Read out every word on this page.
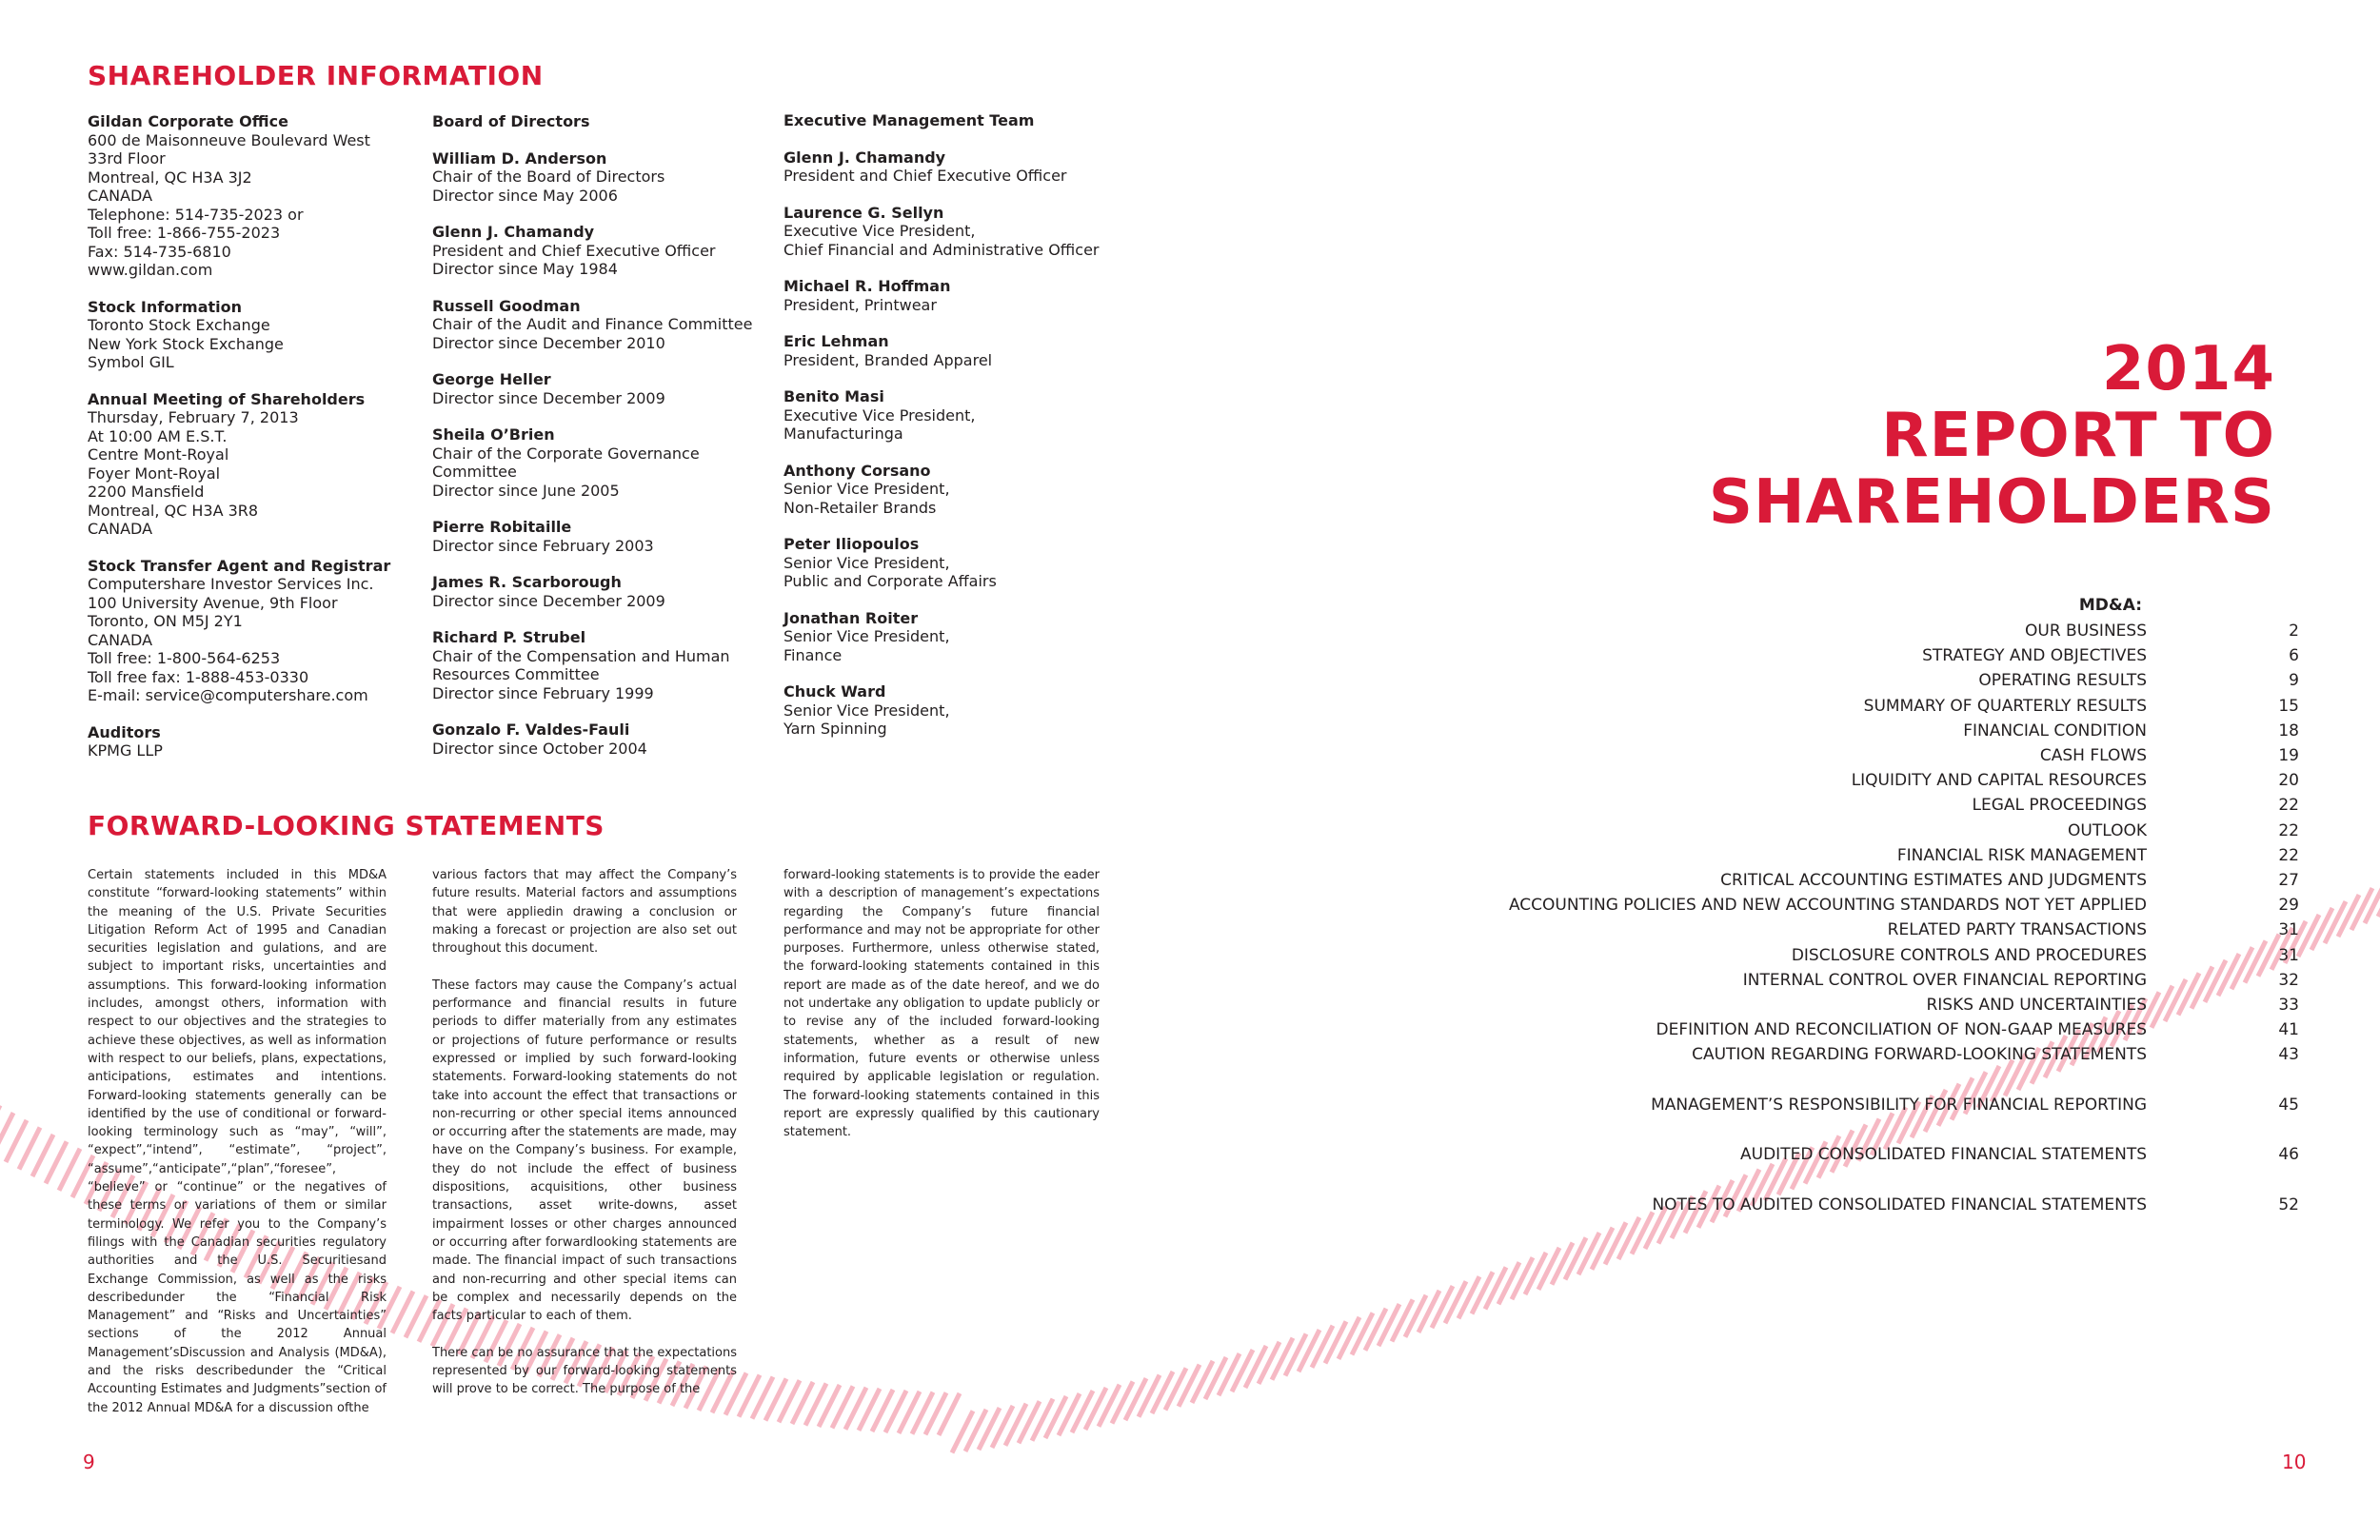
SHAREHOLDER INFORMATION
Gildan Corporate Office
600 de Maisonneuve Boulevard West
33rd Floor
Montreal, QC H3A 3J2
CANADA
Telephone: 514-735-2023 or
Toll free: 1-866-755-2023
Fax: 514-735-6810
www.gildan.com
Stock Information
Toronto Stock Exchange
New York Stock Exchange
Symbol GIL
Annual Meeting of Shareholders
Thursday, February 7, 2013
At 10:00 AM E.S.T.
Centre Mont-Royal
Foyer Mont-Royal
2200 Mansfield
Montreal, QC H3A 3R8
CANADA
Stock Transfer Agent and Registrar
Computershare Investor Services Inc.
100 University Avenue, 9th Floor
Toronto, ON M5J 2Y1
CANADA
Toll free: 1-800-564-6253
Toll free fax: 1-888-453-0330
E-mail: service@computershare.com
Auditors
KPMG LLP
Board of Directors
William D. Anderson
Chair of the Board of Directors
Director since May 2006
Glenn J. Chamandy
President and Chief Executive Officer
Director since May 1984
Russell Goodman
Chair of the Audit and Finance Committee
Director since December 2010
George Heller
Director since December 2009
Sheila O’Brien
Chair of the Corporate Governance
Committee
Director since June 2005
Pierre Robitaille
Director since February 2003
James R. Scarborough
Director since December 2009
Richard P. Strubel
Chair of the Compensation and Human
Resources Committee
Director since February 1999
Gonzalo F. Valdes-Fauli
Director since October 2004
Executive Management Team
Glenn J. Chamandy
President and Chief Executive Officer
Laurence G. Sellyn
Executive Vice President,
Chief Financial and Administrative Officer
Michael R. Hoffman
President, Printwear
Eric Lehman
President, Branded Apparel
Benito Masi
Executive Vice President,
Manufacturinga
Anthony Corsano
Senior Vice President,
Non-Retailer Brands
Peter Iliopoulos
Senior Vice President,
Public and Corporate Affairs
Jonathan Roiter
Senior Vice President,
Finance
Chuck Ward
Senior Vice President,
Yarn Spinning
FORWARD-LOOKING STATEMENTS

Certain statements included in this MD&A constitute “forward-looking statements” within the meaning of the U.S. Private Securities Litigation Reform Act of 1995 and Canadian securities legislation and gulations, and are subject to important risks, uncertainties and assumptions. This forward-looking information includes, amongst others, information with respect to our objectives and the strategies to achieve these objectives, as well as information with respect to our beliefs, plans, expectations, anticipations, estimates and intentions. Forward-looking statements generally can be identified by the use of conditional or forward-looking terminology such as “may”, “will”, “expect”,“intend”, “estimate”, “project”, “assume”,“anticipate”,“plan”,“foresee”, “believe” or “continue” or the negatives of these terms or variations of them or similar terminology. We refer you to the Company’s filings with the Canadian securities regulatory authorities and the U.S. Securitiesand Exchange Commission, as well as the risks describedunder the “Financial Risk Management” and “Risks and Uncertainties” sections of the 2012 Annual Management’sDiscussion and Analysis (MD&A), and the risks describedunder the “Critical Accounting Estimates and Judgments”section of the 2012 Annual MD&A for a discussion ofthe

various factors that may affect the Company’s future results. Material factors and assumptions that were appliedin drawing a conclusion or making a forecast or projection are also set out throughout this document.

These factors may cause the Company’s actual performance and financial results in future periods to differ materially from any estimates or projections of future performance or results expressed or implied by such forward-looking statements. Forward-looking statements do not take into account the effect that transactions or non-recurring or other special items announced or occurring after the statements are made, may have on the Company’s business. For example, they do not include the effect of business dispositions, acquisitions, other business transactions, asset write-downs, asset impairment losses or other charges announced or occurring after forwardlooking statements are made. The financial impact of such transactions and non-recurring and other special items can be complex and necessarily depends on the facts particular to each of them.

There can be no assurance that the expectations represented by our forward-looking statements will prove to be correct. The purpose of the

forward-looking statements is to provide the eader with a description of management’s expectations regarding the Company’s future financial performance and may not be appropriate for other purposes. Furthermore, unless otherwise stated, the forward-looking statements contained in this report are made as of the date hereof, and we do not undertake any obligation to update publicly or to revise any of the included forward-looking statements, whether as a result of new information, future events or otherwise unless required by applicable legislation or regulation. The forward-looking statements contained in this report are expressly qualified by this cautionary statement.

9
2014
REPORT TO
SHAREHOLDERS
MD&A:
OUR BUSINESS	2
STRATEGY AND OBJECTIVES	6
OPERATING RESULTS	9
SUMMARY OF QUARTERLY RESULTS	15
FINANCIAL CONDITION	18
CASH FLOWS	19
LIQUIDITY AND CAPITAL RESOURCES	20
LEGAL PROCEEDINGS	22
OUTLOOK	22
FINANCIAL RISK MANAGEMENT	22
CRITICAL ACCOUNTING ESTIMATES AND JUDGMENTS	27
ACCOUNTING POLICIES AND NEW ACCOUNTING STANDARDS NOT YET APPLIED	29
RELATED PARTY TRANSACTIONS	31
DISCLOSURE CONTROLS AND PROCEDURES	31
INTERNAL CONTROL OVER FINANCIAL REPORTING	32
RISKS AND UNCERTAINTIES	33
DEFINITION AND RECONCILIATION OF NON-GAAP MEASURES	41
CAUTION REGARDING FORWARD-LOOKING STATEMENTS	43
MANAGEMENT’S RESPONSIBILITY FOR FINANCIAL REPORTING	45
AUDITED CONSOLIDATED FINANCIAL STATEMENTS	46
NOTES TO AUDITED CONSOLIDATED FINANCIAL STATEMENTS	52
10
